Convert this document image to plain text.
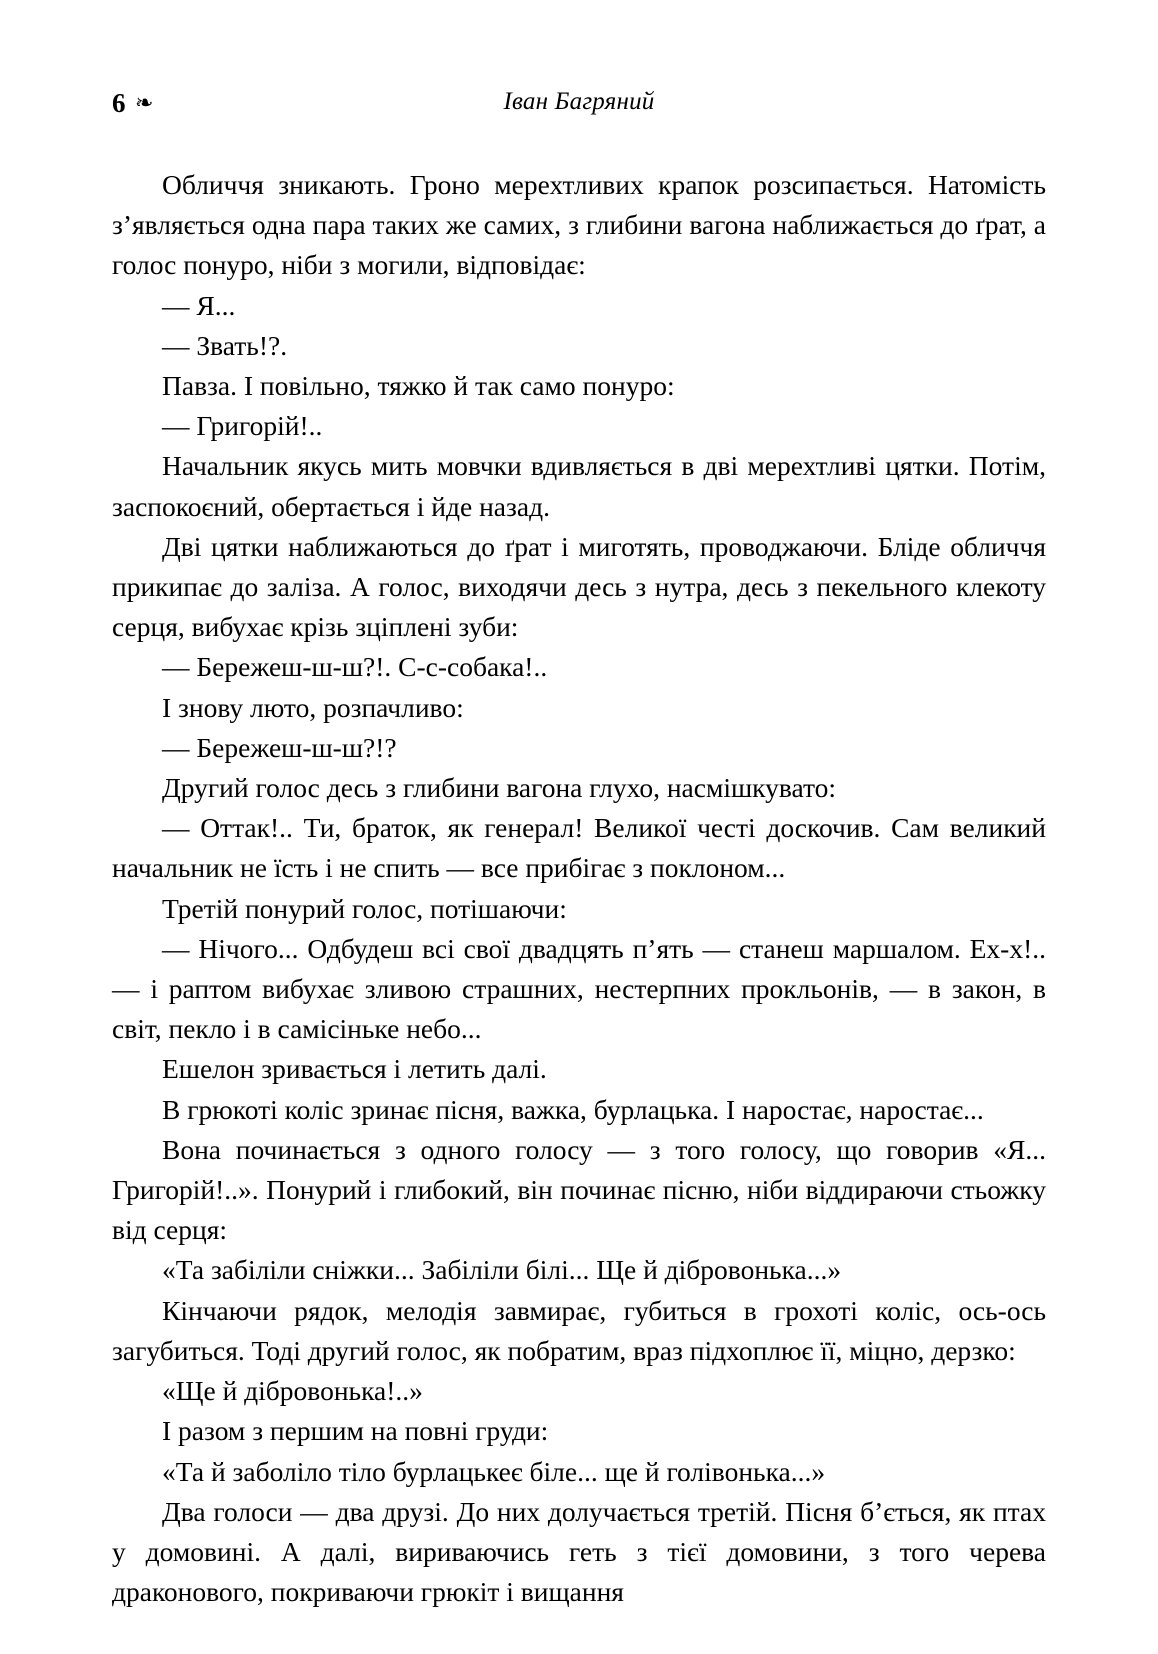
6 ❧	Іван Багряний

Обличчя зникають. Гроно мерехтливих крапок розсипається. Натомість з’являється одна пара таких же самих, з глибини вагона наближається до ґрат, а голос понуро, ніби з могили, відповідає:

— Я...

— Звать!?.

Павза. І повільно, тяжко й так само понуро:

— Григорій!..

Начальник якусь мить мовчки вдивляється в дві мерехтливі цятки. Потім, заспокоєний, обертається і йде назад.

Дві цятки наближаються до ґрат і миготять, проводжаючи. Бліде обличчя прикипає до заліза. А голос, виходячи десь з нутра, десь з пекельного клекоту серця, вибухає крізь зціплені зуби:

— Бережеш-ш-ш?!. С-с-собака!..

І знову люто, розпачливо:

— Бережеш-ш-ш?!?

Другий голос десь з глибини вагона глухо, насмішкувато:

— Оттак!.. Ти, браток, як генерал! Великої честі доскочив. Сам великий начальник не їсть і не спить — все прибігає з поклоном...

Третій понурий голос, потішаючи:

— Нічого... Одбудеш всі свої двадцять п’ять — станеш маршалом. Ех-х!.. — і раптом вибухає зливою страшних, нестерпних прокльонів, — в закон, в світ, пекло і в самісіньке небо...

Ешелон зривається і летить далі.

В грюкоті коліс зринає пісня, важка, бурлацька. І наростає, наростає...

Вона починається з одного голосу — з того голосу, що говорив «Я... Григорій!..». Понурий і глибокий, він починає пісню, ніби віддираючи стьожку від серця:

«Та забіліли сніжки... Забіліли білі... Ще й дібровонька...»

Кінчаючи рядок, мелодія завмирає, губиться в грохоті коліс, ось-ось загубиться. Тоді другий голос, як побратим, враз підхоплює її, міцно, дерзко:

«Ще й дібровонька!..»

І разом з першим на повні груди:

«Та й заболіло тіло бурлацькеє біле... ще й голівонька...»

Два голоси — два друзі. До них долучається третій. Пісня б’ється, як птах у домовині. А далі, вириваючись геть з тієї домовини, з того черева драконового, покриваючи грюкіт і вищання
